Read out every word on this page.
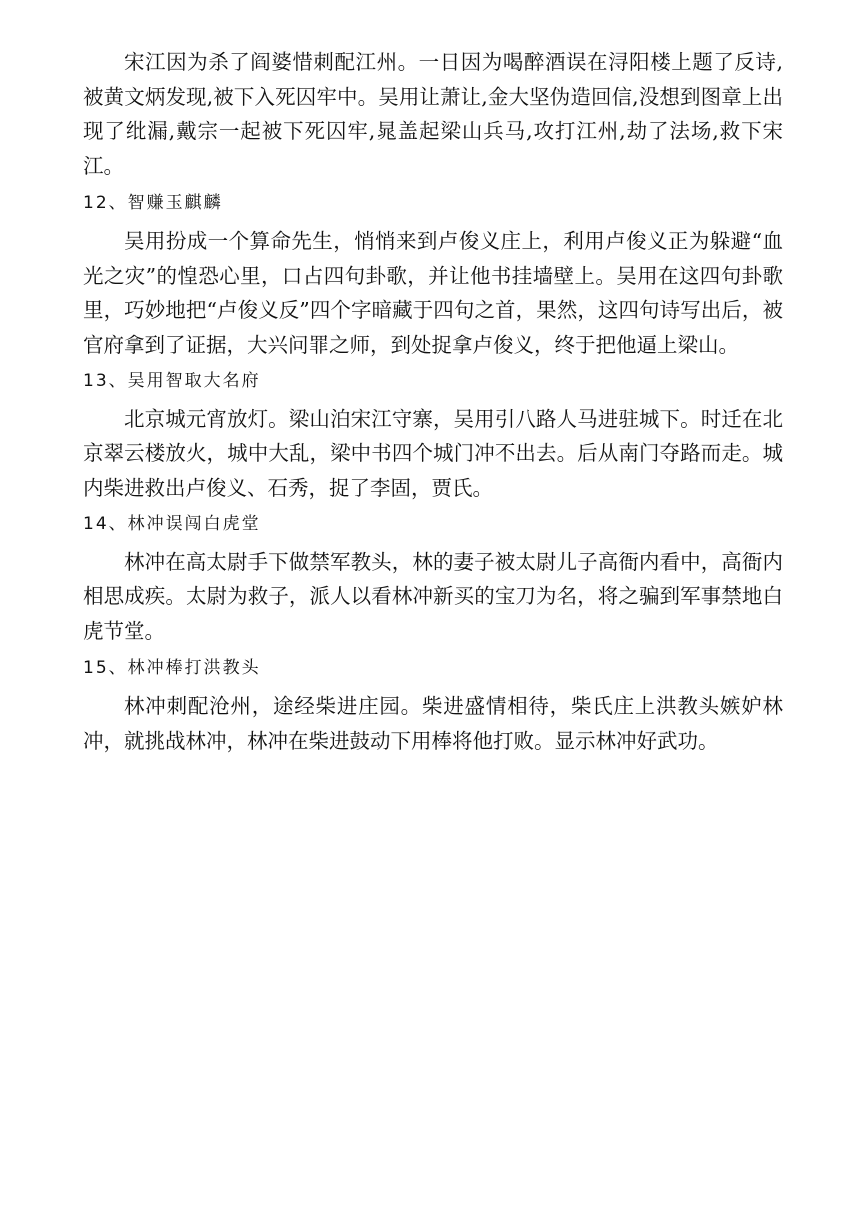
宋江因为杀了阎婆惜刺配江州。一日因为喝醉酒误在浔阳楼上题了反诗,被黄文炳发现,被下入死囚牢中。吴用让萧让,金大坚伪造回信,没想到图章上出现了纰漏,戴宗一起被下死囚牢,晁盖起梁山兵马,攻打江州,劫了法场,救下宋江。

12、智赚玉麒麟

吴用扮成一个算命先生，悄悄来到卢俊义庄上，利用卢俊义正为躲避“血光之灾”的惶恐心里，口占四句卦歌，并让他书挂墙壁上。吴用在这四句卦歌里，巧妙地把“卢俊义反”四个字暗藏于四句之首，果然，这四句诗写出后，被官府拿到了证据，大兴问罪之师，到处捉拿卢俊义，终于把他逼上梁山。

13、吴用智取大名府

北京城元宵放灯。梁山泊宋江守寨，吴用引八路人马进驻城下。时迁在北京翠云楼放火，城中大乱，梁中书四个城门冲不出去。后从南门夺路而走。城内柴进救出卢俊义、石秀，捉了李固，贾氏。

14、林冲误闯白虎堂

林冲在高太尉手下做禁军教头，林的妻子被太尉儿子高衙内看中，高衙内相思成疾。太尉为救子，派人以看林冲新买的宝刀为名，将之骗到军事禁地白虎节堂。

15、林冲棒打洪教头

林冲刺配沧州，途经柴进庄园。柴进盛情相待，柴氏庄上洪教头嫉妒林冲，就挑战林冲，林冲在柴进鼓动下用棒将他打败。显示林冲好武功。
